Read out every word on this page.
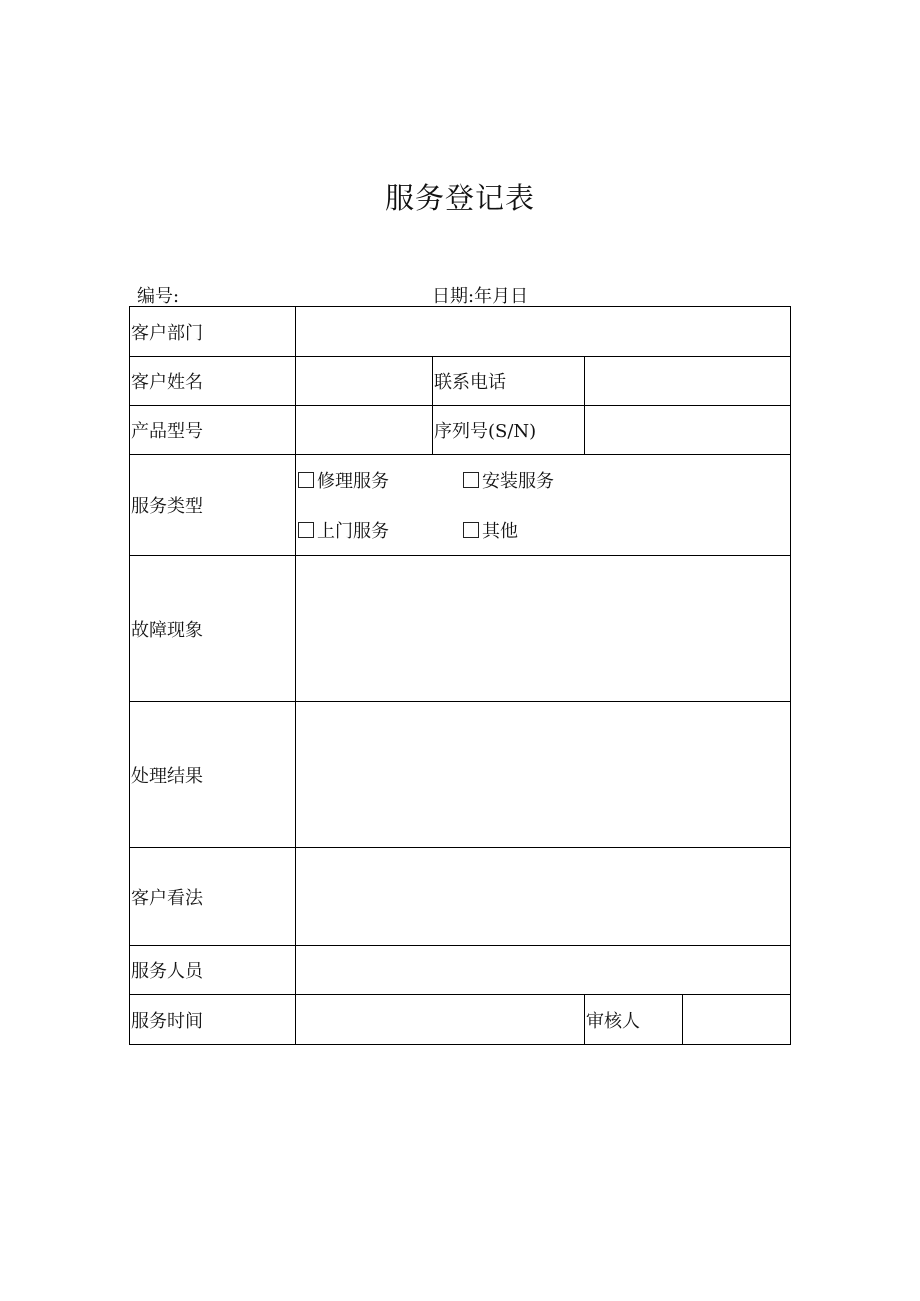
服务登记表
编号:	日期:年月日
客户部门				
客户姓名		联系电话		
产品型号		序列号(S/N)		
服务类型	修理服务 安装服务
上门服务 其他			

故障现象				
处理结果				
客户看法				
服务人员				
服务时间			审核人	
